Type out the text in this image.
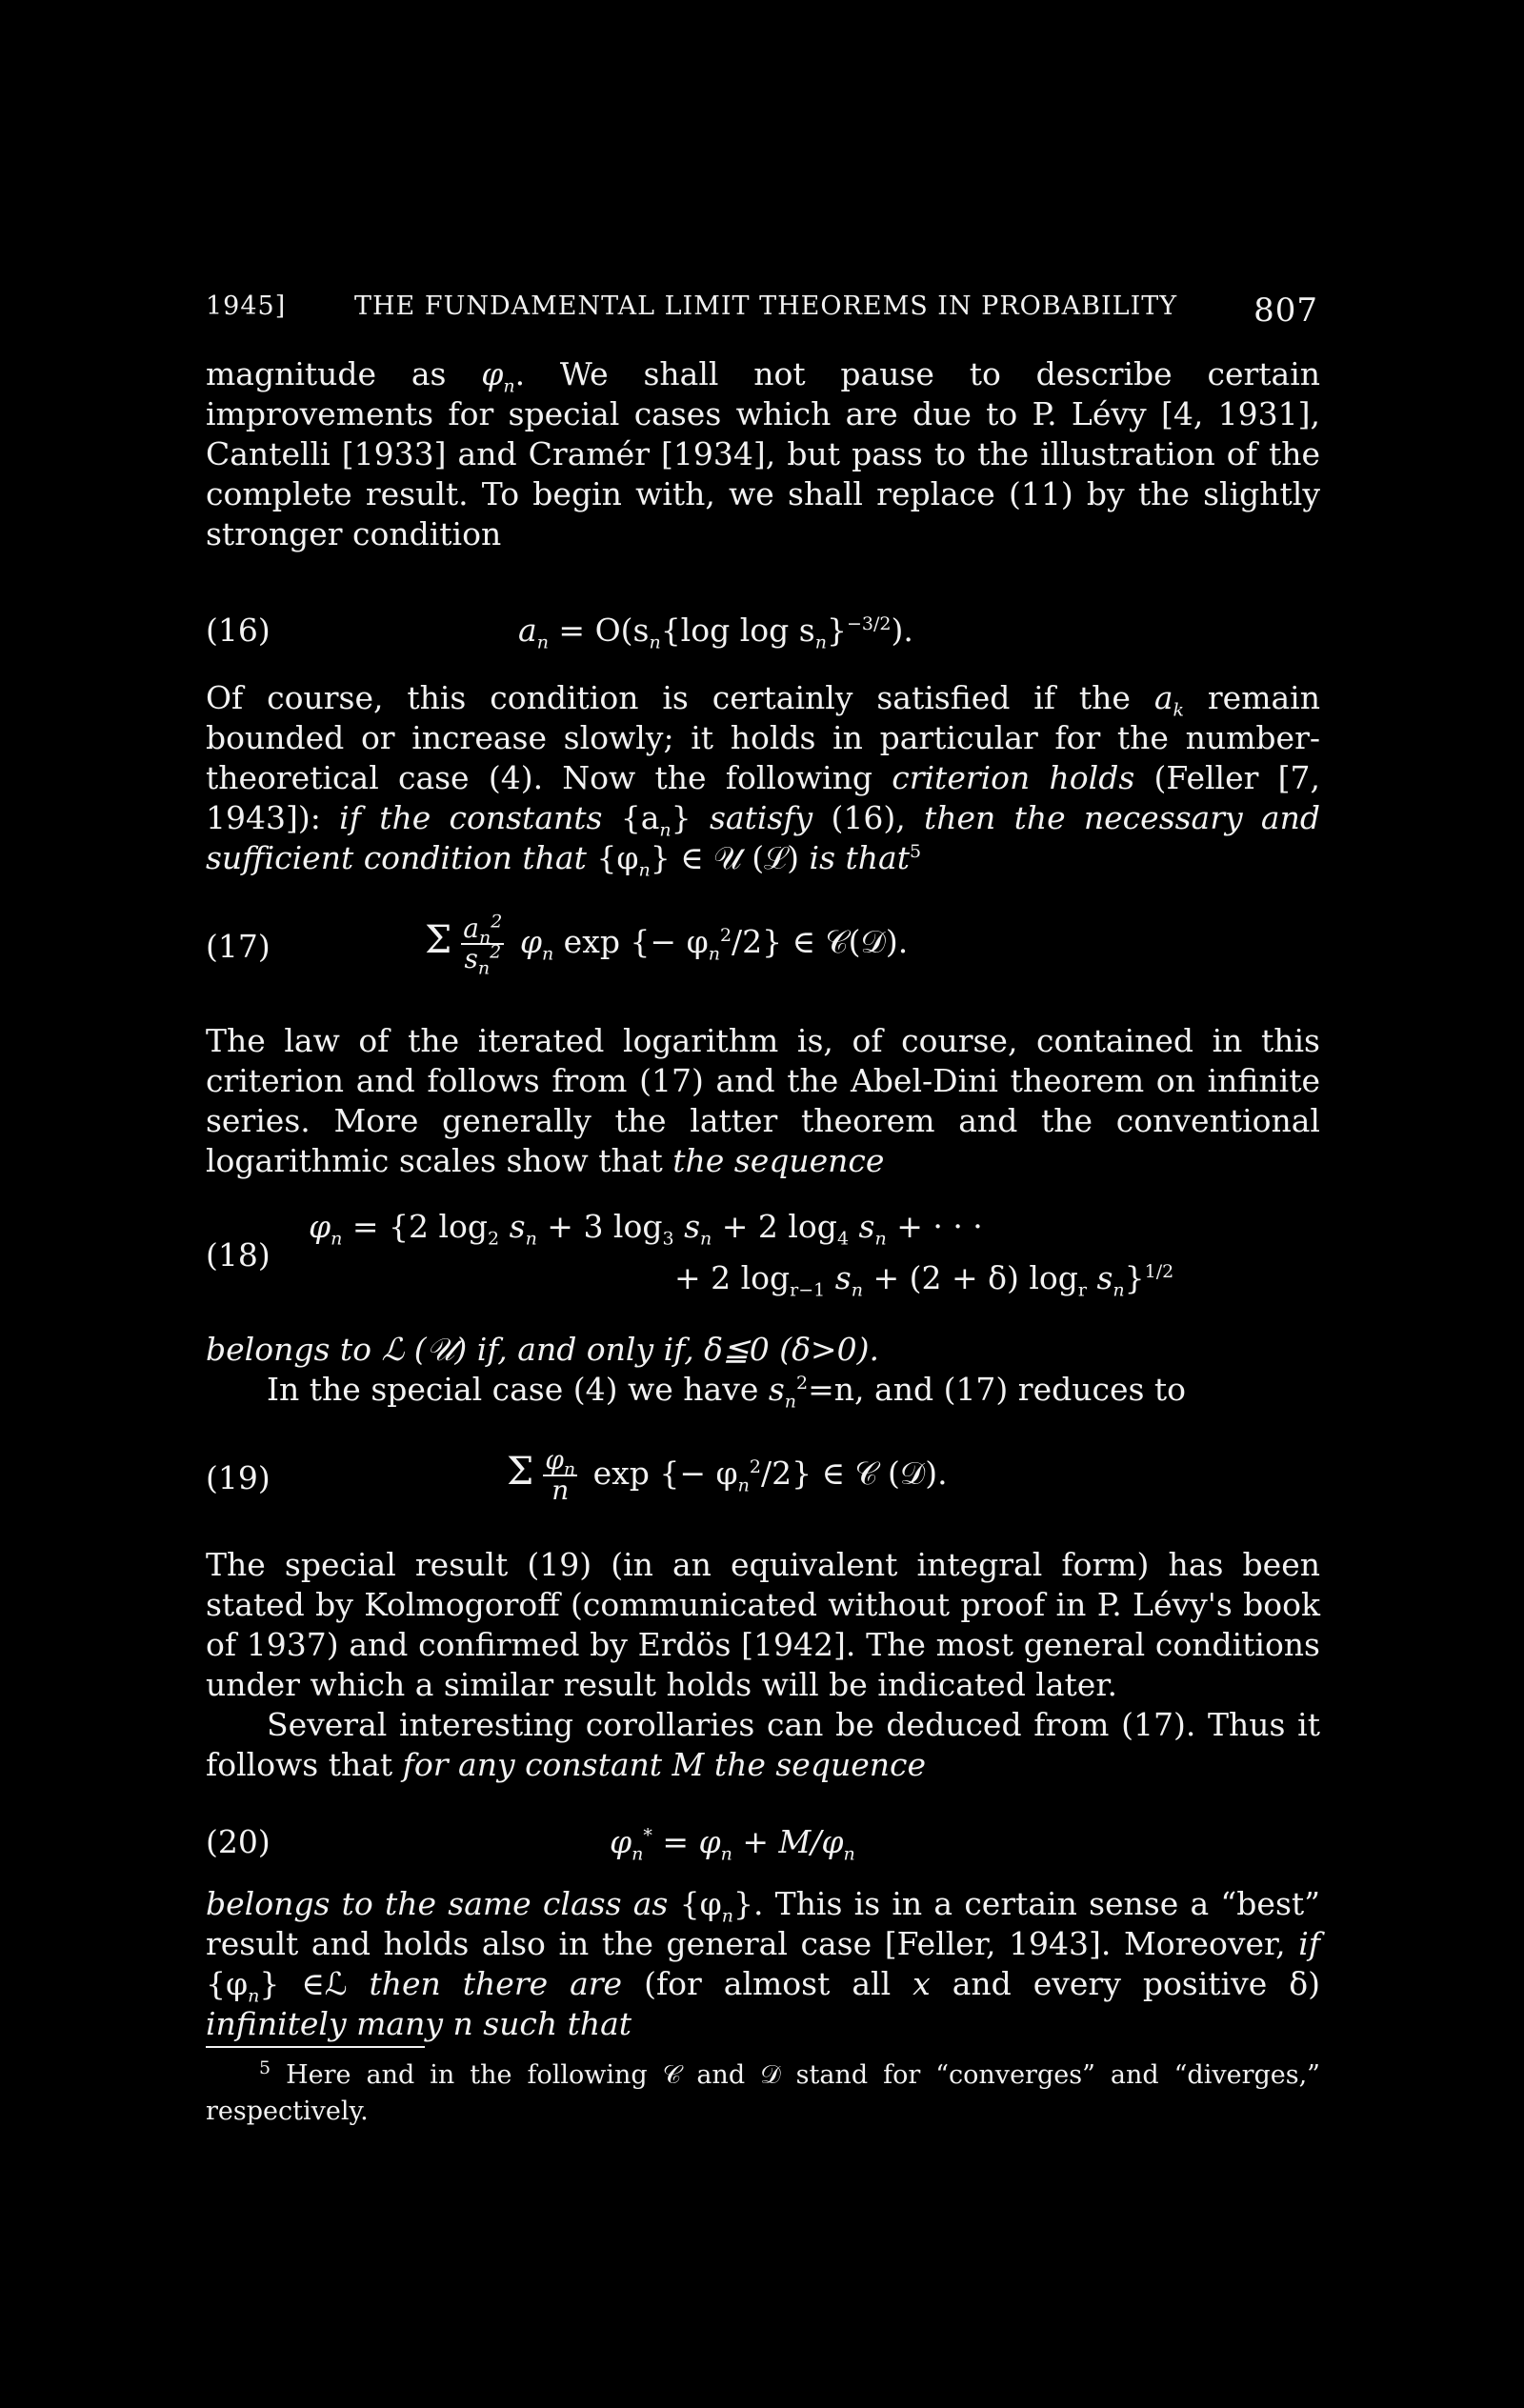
1945]	THE FUNDAMENTAL LIMIT THEOREMS IN PROBABILITY 807

magnitude as $\varphi_n$. We shall not pause to describe certain improvements for special cases which are due to P. Lévy [4, 1931], Cantelli [1933] and Cramér [1934], but pass to the illustration of the complete result. To begin with, we shall replace (11) by the slightly stronger condition

(16)	$a_n = O(s_n\{\log$ $\log s_n\}^{-3/2}$).

Of course, this condition is certainly satisfied if the $a_k$ remain bounded or increase slowly; it holds in particular for the number-theoretical case (4). Now the following criterion holds (Feller [7, 1943]): if the constants $\{a_n\}$ satisfy (16), then the necessary and sufficient condition that $\{\varphi_n\}$ ∈ 𝒰 (ℒ) is that$^5$

(17)	Σ $\frac{a_n^2}{s_n^2} \varphi_n$ exp {− $\varphi_n^2/2$} ∈ 𝒞(𝒟).

The law of the iterated logarithm is, of course, contained in this criterion and follows from (17) and the Abel-Dini theorem on infinite series. More generally the latter theorem and the conventional logarithmic scales show that the sequence

(18)
$\varphi_n = \{2$ $\log_2 s_n + 3$ $\log_3 s_n + 2$ $\log_4 s_n$ + · · ·
+ 2 $\log_{r-1} s_n + (2 + \delta)$ $\log_r s_n\}^{1/2}$

belongs to ℒ (𝒰) if, and only if, δ≦0 (δ>0).

In the special case (4) we have $s_n^2=n$, and (17) reduces to

(19)	Σ $\frac{\varphi_n}{n}$ exp {− $\varphi_n^2/2$} ∈ 𝒞 (𝒟).

The special result (19) (in an equivalent integral form) has been stated by Kolmogoroff (communicated without proof in P. Lévy's book of 1937) and confirmed by Erdös [1942]. The most general conditions under which a similar result holds will be indicated later.

Several interesting corollaries can be deduced from (17). Thus it follows that for any constant M the sequence

(20)	$\varphi_n^* = \varphi_n + M/\varphi_n$

belongs to the same class as $\{\varphi_n\}$. This is in a certain sense a “best” result and holds also in the general case [Feller, 1943]. Moreover, if $\{\varphi_n\}$ ∈ℒ then there are (for almost all x and every positive δ) infinitely many n such that

$^5$ Here and in the following 𝒞 and 𝒟 stand for “converges” and “diverges,” respectively.
